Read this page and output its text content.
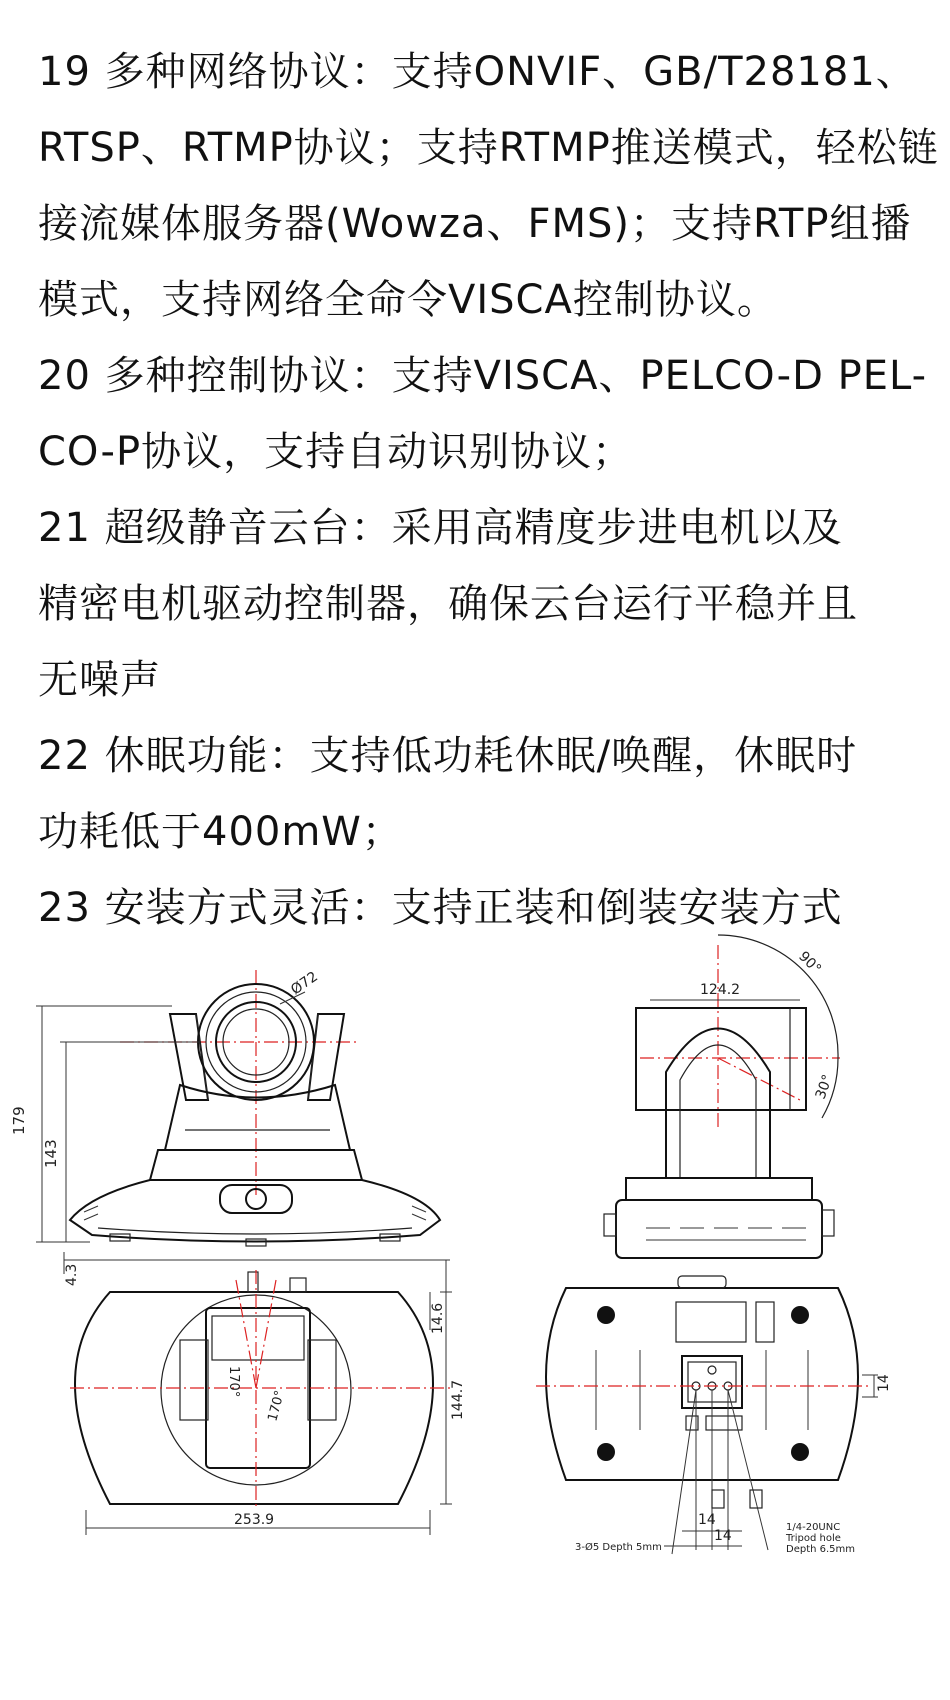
19 多种网络协议：支持ONVIF、GB/T28181、
RTSP、RTMP协议；支持RTMP推送模式，轻松链
接流媒体服务器(Wowza、FMS)；支持RTP组播
模式，支持网络全命令VISCA控制协议。
20 多种控制协议：支持VISCA、PELCO-D PEL-
CO-P协议，支持自动识别协议；
21 超级静音云台：采用高精度步进电机以及
精密电机驱动控制器，确保云台运行平稳并且
无噪声
22 休眠功能：支持低功耗休眠/唤醒，休眠时
功耗低于400mW；
23 安装方式灵活：支持正装和倒装安装方式
179
143
Ø72	124.2
90°
30°
4.3
14.6
144.7
170°
170°
253.9
14
14
14
3-Ø5 Depth 5mm
1/4-20UNC
Tripod hole
Depth 6.5mm
